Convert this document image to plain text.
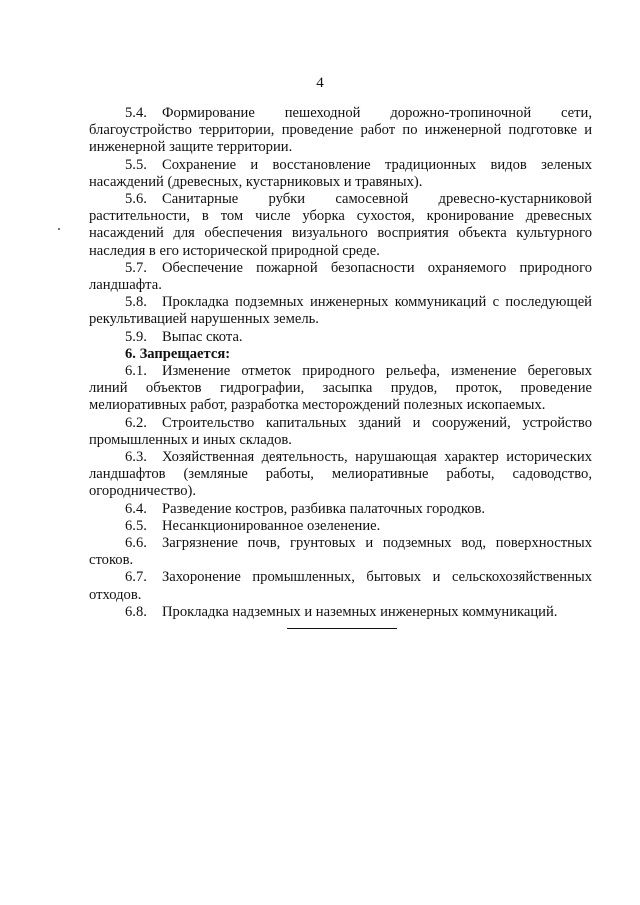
4

5.4. Формирование пешеходной дорожно-тропиночной сети, благоустройство территории, проведение работ по инженерной подготовке и инженерной защите территории.

5.5. Сохранение и восстановление традиционных видов зеленых насаждений (древесных, кустарниковых и травяных).

5.6. Санитарные рубки самосевной древесно-кустарниковой растительности, в том числе уборка сухостоя, кронирование древесных насаждений для обеспечения визуального восприятия объекта культурного наследия в его исторической природной среде.

5.7. Обеспечение пожарной безопасности охраняемого природного ландшафта.

5.8. Прокладка подземных инженерных коммуникаций с последующей рекультивацией нарушенных земель.

5.9. Выпас скота.

6. Запрещается:

6.1. Изменение отметок природного рельефа, изменение береговых линий объектов гидрографии, засыпка прудов, проток, проведение мелиоративных работ, разработка месторождений полезных ископаемых.

6.2. Строительство капитальных зданий и сооружений, устройство промышленных и иных складов.

6.3. Хозяйственная деятельность, нарушающая характер исторических ландшафтов (земляные работы, мелиоративные работы, садоводство, огородничество).

6.4. Разведение костров, разбивка палаточных городков.

6.5. Несанкционированное озеленение.

6.6. Загрязнение почв, грунтовых и подземных вод, поверхностных стоков.

6.7. Захоронение промышленных, бытовых и сельскохозяйственных отходов.

6.8. Прокладка надземных и наземных инженерных коммуникаций.
